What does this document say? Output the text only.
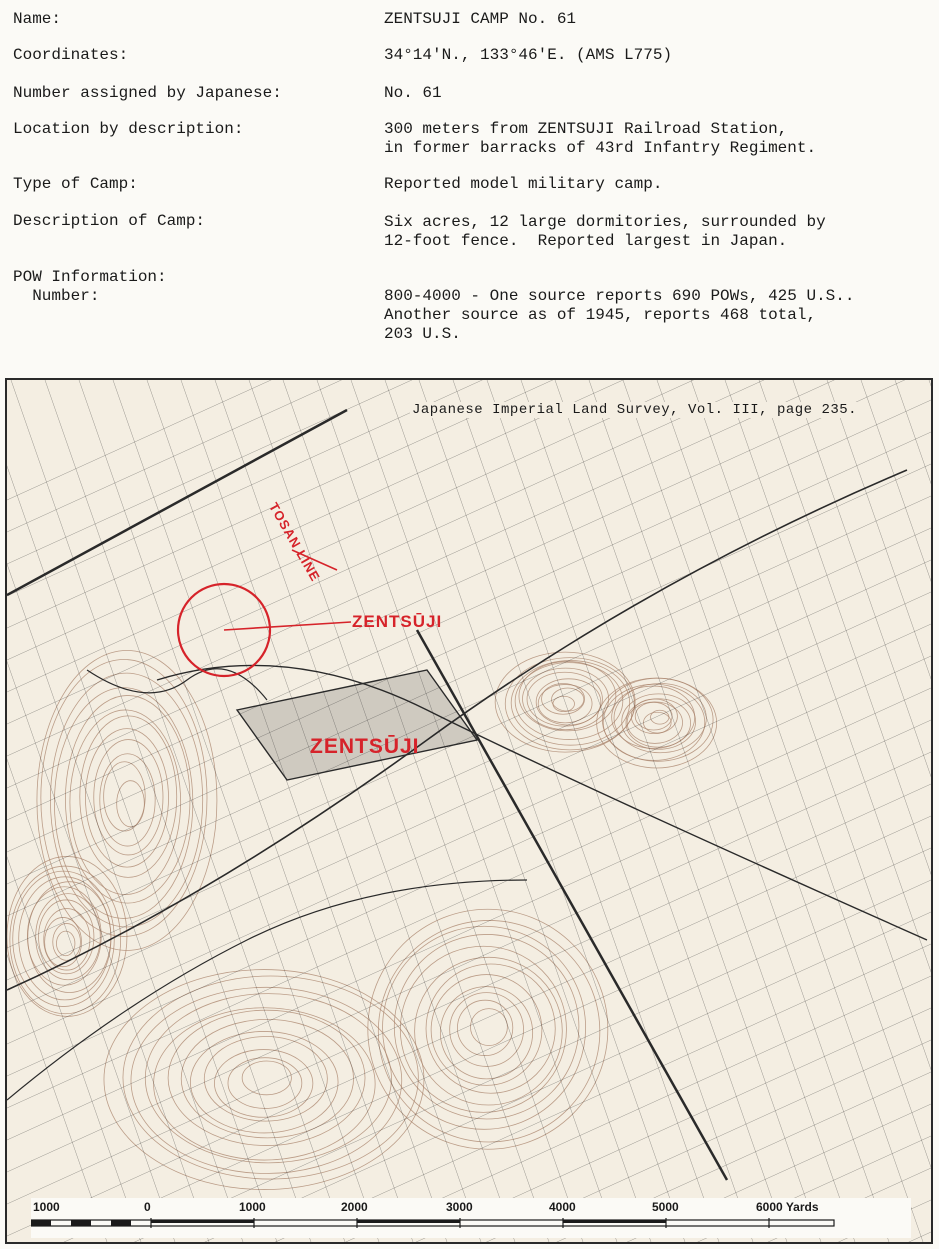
Name:	ZENTSUJI CAMP No. 61
Coordinates:	34°14'N., 133°46'E. (AMS L775)
Number assigned by Japanese:	No. 61
Location by description:	300 meters from ZENTSUJI Railroad Station,
in former barracks of 43rd Infantry Regiment.
Type of Camp:	Reported model military camp.
Description of Camp:	Six acres, 12 large dormitories, surrounded by
12-foot fence.  Reported largest in Japan.
POW Information:
Number:	
800-4000 - One source reports 690 POWs, 425 U.S..
Another source as of 1945, reports 468 total,
203 U.S.
Japanese Imperial Land Survey, Vol. III, page 235.
TOSAN LINE
ZENTSŪJI
ZENTSŪJI
1000	0	1000	2000	3000	4000	5000	6000 Yards
